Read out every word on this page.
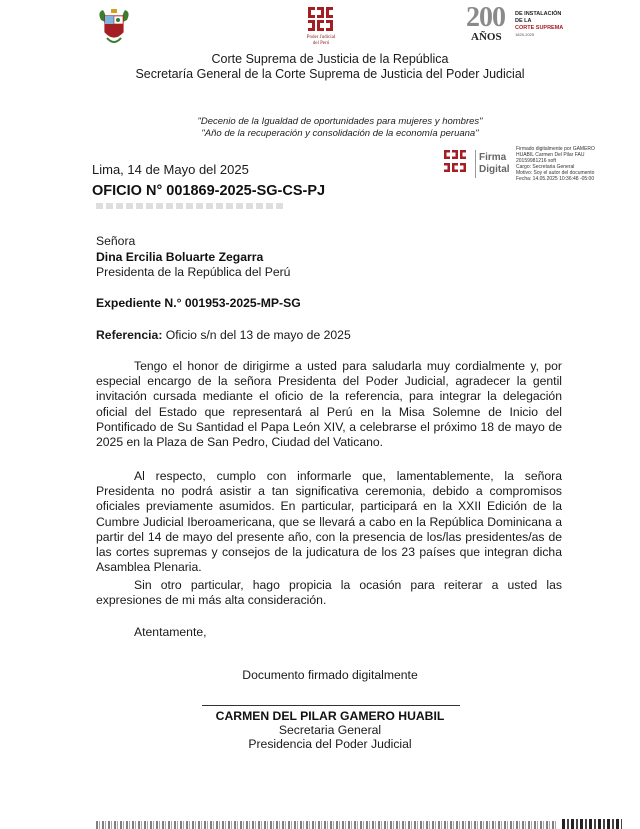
Poder Judicial
del Perú
200
AÑOS
DE INSTALACIÓN
DE LA
CORTE SUPREMA
1825-2025
Corte Suprema de Justicia de la República
Secretaría General de la Corte Suprema de Justicia del Poder Judicial
"Decenio de la Igualdad de oportunidades para mujeres y hombres"
"Año de la recuperación y consolidación de la economía peruana"
Firma
Digital
Firmado digitalmente por GAMERO
HUABIL Carmen Del Pilar FAU
20159981216 soft
Cargo: Secretaria General
Motivo: Soy el autor del documento
Fecha: 14.05.2025 10:36:48 -05:00
Lima, 14 de Mayo del 2025
OFICIO N° 001869-2025-SG-CS-PJ
Señora
Dina Ercilia Boluarte Zegarra
Presidenta de la República del Perú
Expediente N.° 001953-2025-MP-SG
Referencia: Oficio s/n del 13 de mayo de 2025
Tengo el honor de dirigirme a usted para saludarla muy cordialmente y, por especial encargo de la señora Presidenta del Poder Judicial, agradecer la gentil invitación cursada mediante el oficio de la referencia, para integrar la delegación oficial del Estado que representará al Perú en la Misa Solemne de Inicio del Pontificado de Su Santidad el Papa León XIV, a celebrarse el próximo 18 de mayo de 2025 en la Plaza de San Pedro, Ciudad del Vaticano.
Al respecto, cumplo con informarle que, lamentablemente, la señora Presidenta no podrá asistir a tan significativa ceremonia, debido a compromisos oficiales previamente asumidos. En particular, participará en la XXII Edición de la Cumbre Judicial Iberoamericana, que se llevará a cabo en la República Dominicana a partir del 14 de mayo del presente año, con la presencia de los/las presidentes/as de las cortes supremas y consejos de la judicatura de los 23 países que integran dicha Asamblea Plenaria.
Sin otro particular, hago propicia la ocasión para reiterar a usted las expresiones de mi más alta consideración.
Atentamente,
Documento firmado digitalmente
CARMEN DEL PILAR GAMERO HUABIL
Secretaria General
Presidencia del Poder Judicial
